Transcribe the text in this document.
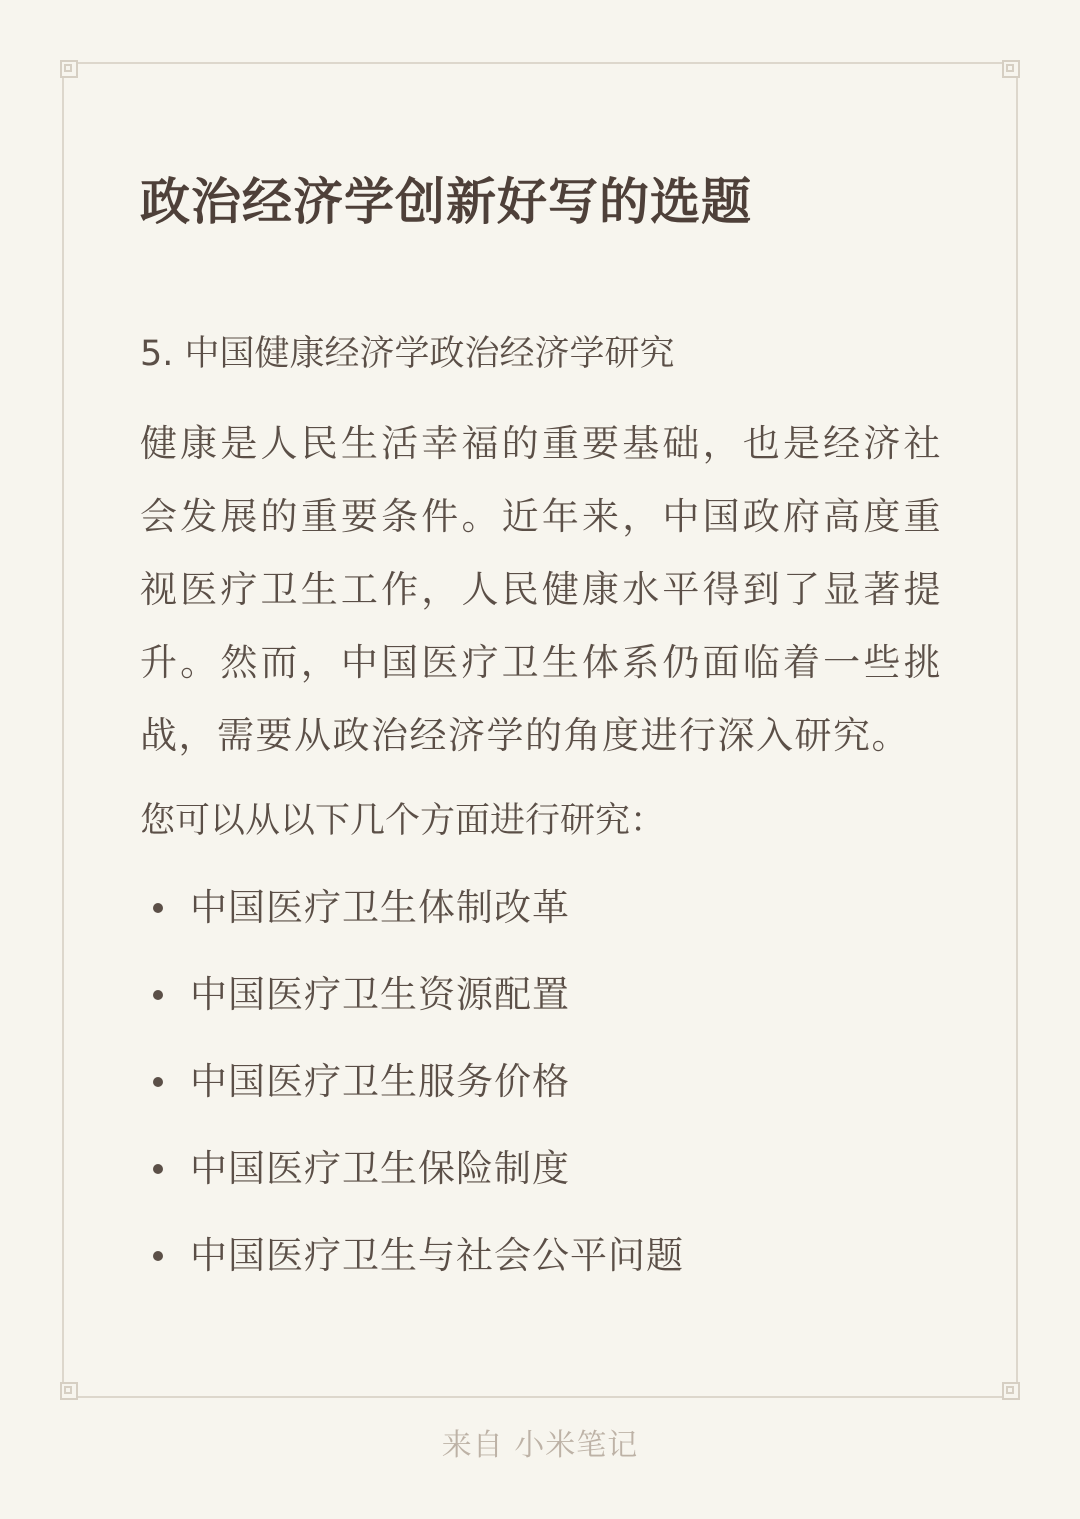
政治经济学创新好写的选题

5. 中国健康经济学政治经济学研究

健康是人民生活幸福的重要基础，也是经济社会发展的重要条件。近年来，中国政府高度重视医疗卫生工作，人民健康水平得到了显著提升。然而，中国医疗卫生体系仍面临着一些挑战，需要从政治经济学的角度进行深入研究。

您可以从以下几个方面进行研究：

中国医疗卫生体制改革
中国医疗卫生资源配置
中国医疗卫生服务价格
中国医疗卫生保险制度
中国医疗卫生与社会公平问题

来自 小米笔记
